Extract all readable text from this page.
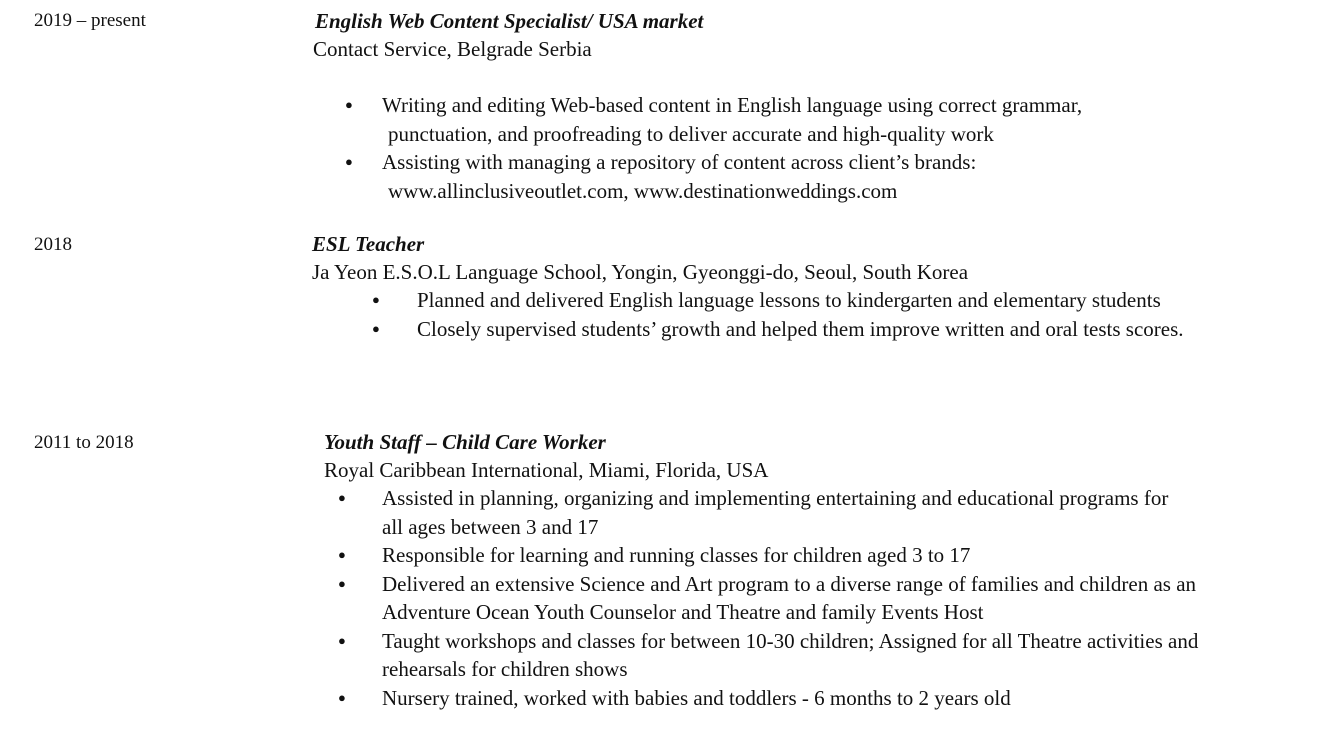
2019 – present	English Web Content Specialist/ USA market
Contact Service, Belgrade Serbia
● Writing and editing Web-based content in English language using correct grammar,
punctuation, and proofreading to deliver accurate and high-quality work
● Assisting with managing a repository of content across client’s brands:
www.allinclusiveoutlet.com, www.destinationweddings.com
2018	ESL Teacher
Ja Yeon E.S.O.L Language School, Yongin, Gyeonggi-do, Seoul, South Korea
● Planned and delivered English language lessons to kindergarten and elementary students
● Closely supervised students’ growth and helped them improve written and oral tests scores.
2011 to 2018	Youth Staff – Child Care Worker
Royal Caribbean International, Miami, Florida, USA
● Assisted in planning, organizing and implementing entertaining and educational programs for all ages between 3 and 17
● Responsible for learning and running classes for children aged 3 to 17
● Delivered an extensive Science and Art program to a diverse range of families and children as an Adventure Ocean Youth Counselor and Theatre and family Events Host
● Taught workshops and classes for between 10-30 children; Assigned for all Theatre activities and rehearsals for children shows
● Nursery trained, worked with babies and toddlers - 6 months to 2 years old
